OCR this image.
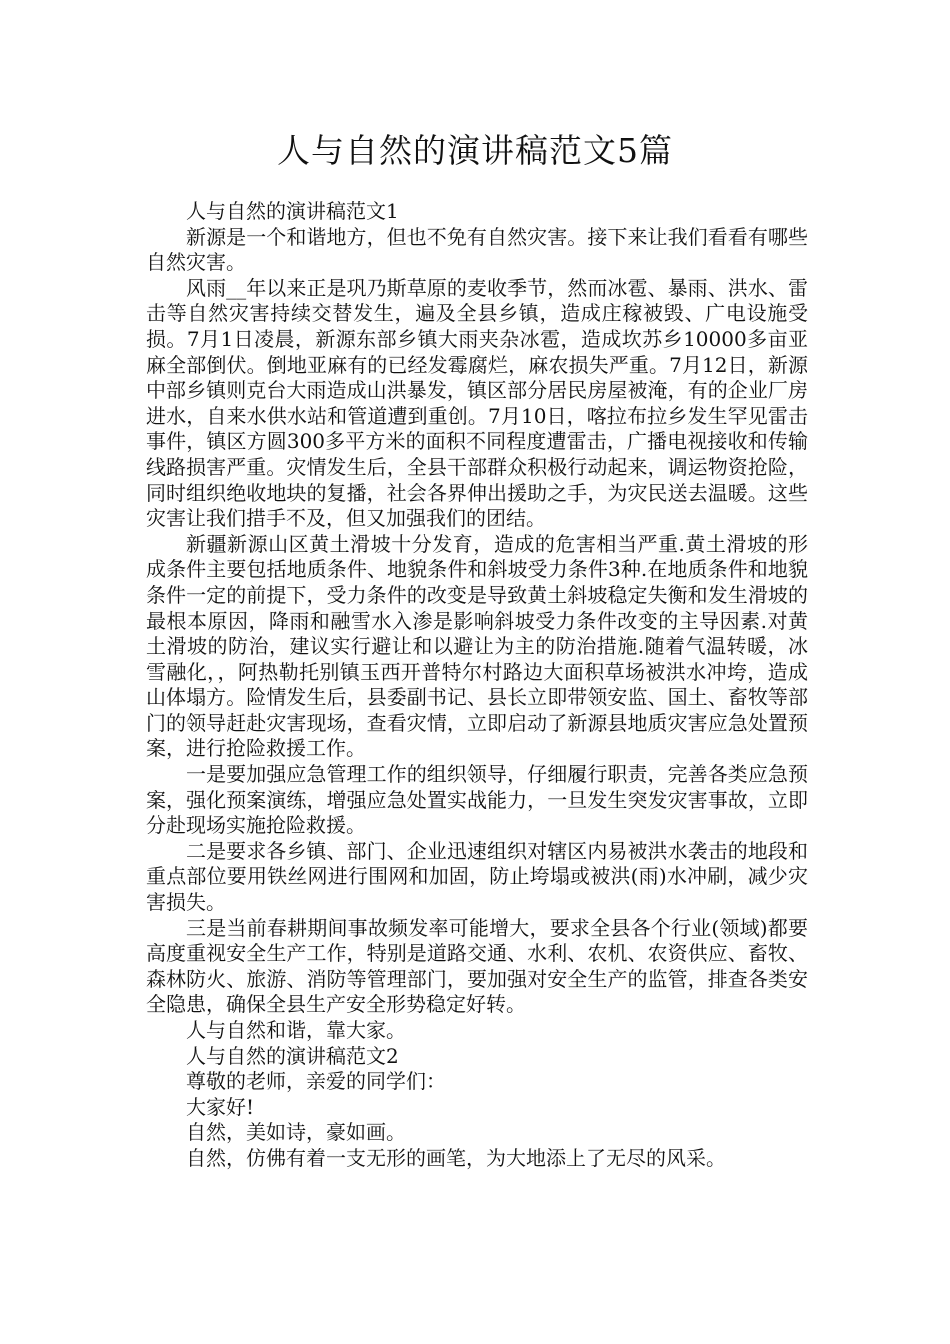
人与自然的演讲稿范文5篇

人与自然的演讲稿范文1

新源是一个和谐地方，但也不免有自然灾害。接下来让我们看看有哪些自然灾害。

风雨__年以来正是巩乃斯草原的麦收季节，然而冰雹、暴雨、洪水、雷击等自然灾害持续交替发生，遍及全县乡镇，造成庄稼被毁、广电设施受损。7月1日凌晨，新源东部乡镇大雨夹杂冰雹，造成坎苏乡10000多亩亚麻全部倒伏。倒地亚麻有的已经发霉腐烂，麻农损失严重。7月12日，新源中部乡镇则克台大雨造成山洪暴发，镇区部分居民房屋被淹，有的企业厂房进水，自来水供水站和管道遭到重创。7月10日，喀拉布拉乡发生罕见雷击事件，镇区方圆300多平方米的面积不同程度遭雷击，广播电视接收和传输线路损害严重。灾情发生后，全县干部群众积极行动起来，调运物资抢险，同时组织绝收地块的复播，社会各界伸出援助之手，为灾民送去温暖。这些灾害让我们措手不及，但又加强我们的团结。

新疆新源山区黄土滑坡十分发育，造成的危害相当严重.黄土滑坡的形成条件主要包括地质条件、地貌条件和斜坡受力条件3种.在地质条件和地貌条件一定的前提下，受力条件的改变是导致黄土斜坡稳定失衡和发生滑坡的最根本原因，降雨和融雪水入渗是影响斜坡受力条件改变的主导因素.对黄土滑坡的防治，建议实行避让和以避让为主的防治措施.随着气温转暖，冰雪融化，，阿热勒托别镇玉西开普特尔村路边大面积草场被洪水冲垮，造成山体塌方。险情发生后，县委副书记、县长立即带领安监、国土、畜牧等部门的领导赶赴灾害现场，查看灾情，立即启动了新源县地质灾害应急处置预案，进行抢险救援工作。

一是要加强应急管理工作的组织领导，仔细履行职责，完善各类应急预案，强化预案演练，增强应急处置实战能力，一旦发生突发灾害事故，立即分赴现场实施抢险救援。

二是要求各乡镇、部门、企业迅速组织对辖区内易被洪水袭击的地段和重点部位要用铁丝网进行围网和加固，防止垮塌或被洪(雨)水冲刷，减少灾害损失。

三是当前春耕期间事故频发率可能增大，要求全县各个行业(领域)都要高度重视安全生产工作，特别是道路交通、水利、农机、农资供应、畜牧、森林防火、旅游、消防等管理部门，要加强对安全生产的监管，排查各类安全隐患，确保全县生产安全形势稳定好转。

人与自然和谐，靠大家。

人与自然的演讲稿范文2

尊敬的老师，亲爱的同学们：

大家好!

自然，美如诗，豪如画。

自然，仿佛有着一支无形的画笔，为大地添上了无尽的风采。
